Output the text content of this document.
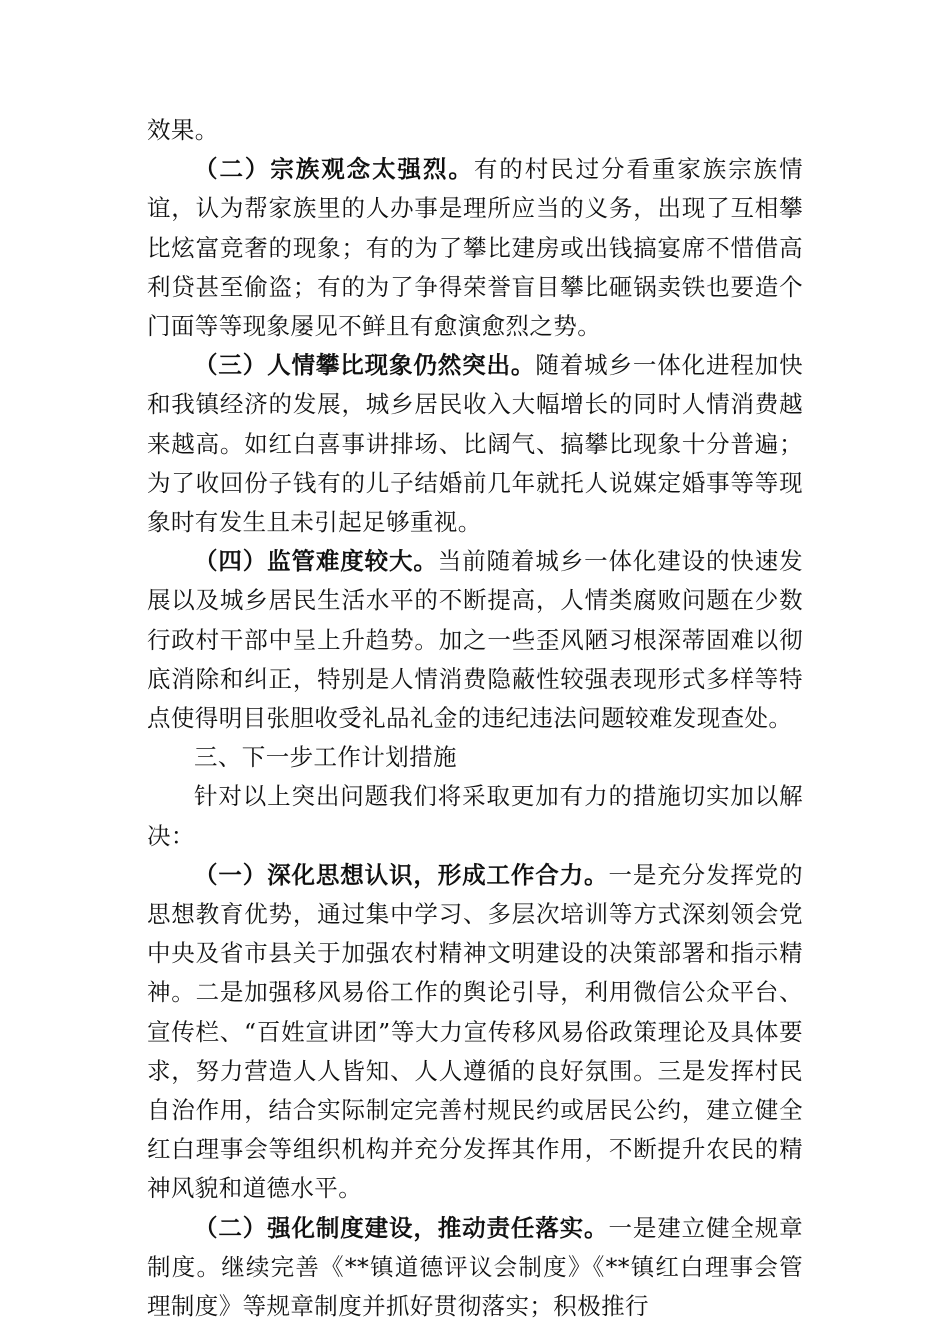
效果。

（二）宗族观念太强烈。有的村民过分看重家族宗族情谊，认为帮家族里的人办事是理所应当的义务，出现了互相攀比炫富竞奢的现象；有的为了攀比建房或出钱搞宴席不惜借高利贷甚至偷盗；有的为了争得荣誉盲目攀比砸锅卖铁也要造个门面等等现象屡见不鲜且有愈演愈烈之势。

（三）人情攀比现象仍然突出。随着城乡一体化进程加快和我镇经济的发展，城乡居民收入大幅增长的同时人情消费越来越高。如红白喜事讲排场、比阔气、搞攀比现象十分普遍；为了收回份子钱有的儿子结婚前几年就托人说媒定婚事等等现象时有发生且未引起足够重视。

（四）监管难度较大。当前随着城乡一体化建设的快速发展以及城乡居民生活水平的不断提高，人情类腐败问题在少数行政村干部中呈上升趋势。加之一些歪风陋习根深蒂固难以彻底消除和纠正，特别是人情消费隐蔽性较强表现形式多样等特点使得明目张胆收受礼品礼金的违纪违法问题较难发现查处。

三、下一步工作计划措施

针对以上突出问题我们将采取更加有力的措施切实加以解决：

（一）深化思想认识，形成工作合力。一是充分发挥党的思想教育优势，通过集中学习、多层次培训等方式深刻领会党中央及省市县关于加强农村精神文明建设的决策部署和指示精神。二是加强移风易俗工作的舆论引导，利用微信公众平台、宣传栏、“百姓宣讲团”等大力宣传移风易俗政策理论及具体要求，努力营造人人皆知、人人遵循的良好氛围。三是发挥村民自治作用，结合实际制定完善村规民约或居民公约，建立健全红白理事会等组织机构并充分发挥其作用，不断提升农民的精神风貌和道德水平。

（二）强化制度建设，推动责任落实。一是建立健全规章制度。继续完善《**镇道德评议会制度》《**镇红白理事会管理制度》等规章制度并抓好贯彻落实；积极推行
